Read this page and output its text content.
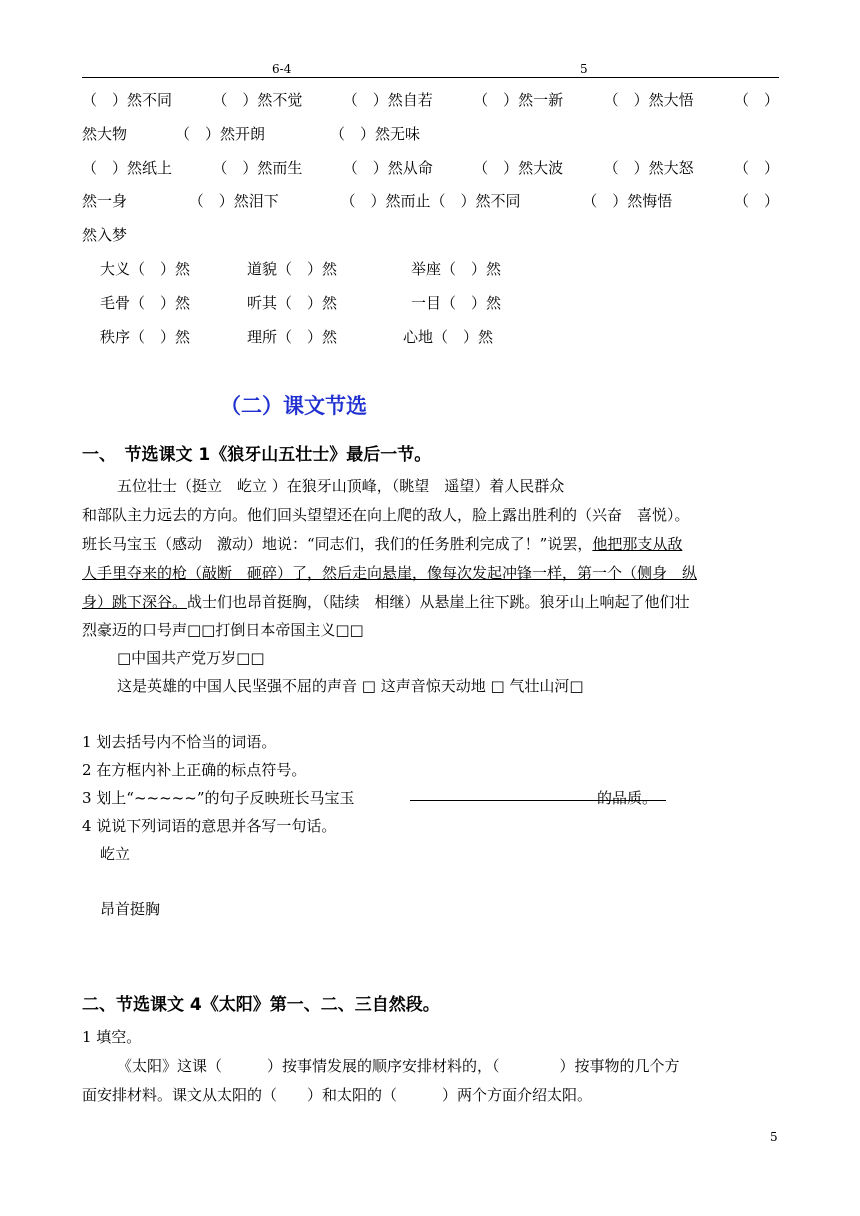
6-4	5
（　）然不同	（　）然不觉	（　）然自若	（　）然一新	（　）然大悟	（　）
然大物	（　）然开朗	（　）然无味
（　）然纸上	（　）然而生	（　）然从命	（　）然大波	（　）然大怒	（　）
然一身	（　）然泪下	（　）然而止（　）然不同	（　）然悔悟	（　）
然入梦
大义（　）然	道貌（　）然	举座（　）然
毛骨（　）然	听其（　）然	一目（　）然
秩序（　）然	理所（　）然	心地（　）然
（二）课文节选
一、　节选课文 1《狼牙山五壮士》最后一节。
五位壮士（挺立　屹立 ）在狼牙山顶峰，（眺望　遥望）着人民群众
和部队主力远去的方向。他们回头望望还在向上爬的敌人，脸上露出胜利的（兴奋　喜悦）。
班长马宝玉（感动　激动）地说：“同志们，我们的任务胜利完成了！”说罢，他把那支从敌
人手里夺来的枪（敲断　砸碎）了，然后走向悬崖，像每次发起冲锋一样，第一个（侧身　纵
身）跳下深谷。战士们也昂首挺胸，（陆续　相继）从悬崖上往下跳。狼牙山上响起了他们壮
烈豪迈的口号声□□打倒日本帝国主义□□
□中国共产党万岁□□
这是英雄的中国人民坚强不屈的声音 □ 这声音惊天动地 □ 气壮山河□
1 划去括号内不恰当的词语。
2 在方框内补上正确的标点符号。
3 划上“~~~~~”的句子反映班长马宝玉	的品质。
4 说说下列词语的意思并各写一句话。
屹立
昂首挺胸
二、节选课文 4《太阳》第一、二、三自然段。
1 填空。
《太阳》这课（　　　）按事情发展的顺序安排材料的，（　　　　）按事物的几个方
面安排材料。课文从太阳的（　　）和太阳的（　　　）两个方面介绍太阳。
5
